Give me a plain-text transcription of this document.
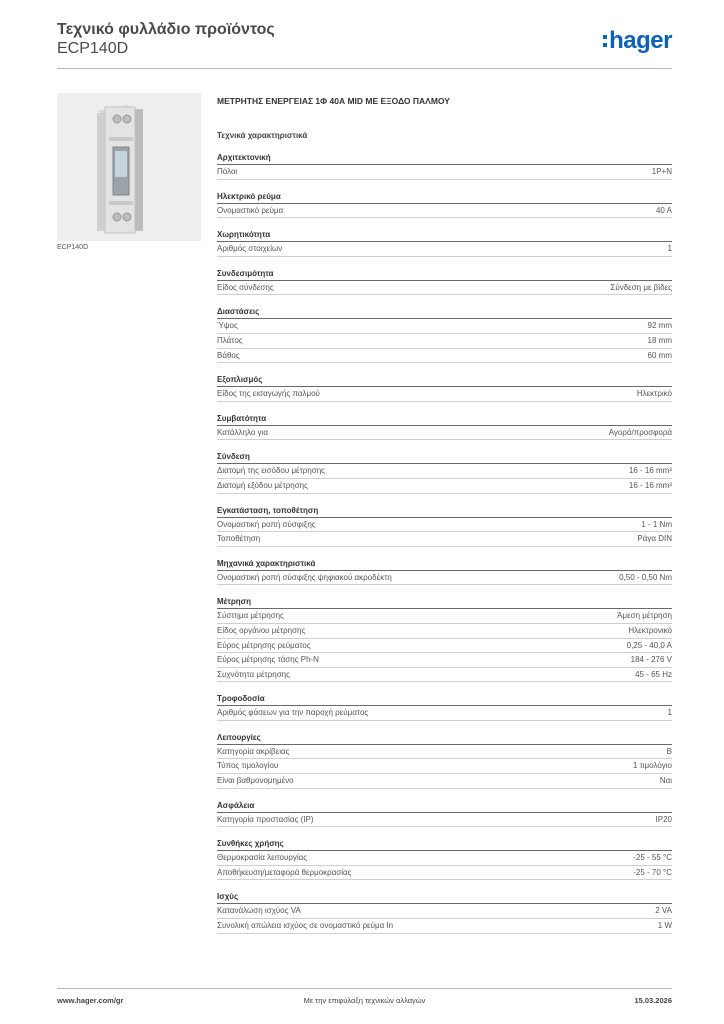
Τεχνικό φυλλάδιο προϊόντος
ECP140D	hager
ECP140D
ΜΕΤΡΗΤΗΣ ΕΝΕΡΓΕΙΑΣ 1Φ 40Α MID ΜΕ ΕΞΟΔΟ ΠΑΛΜΟΥ
Τεχνικά χαρακτηριστικά
Αρχιτεκτονική
Πόλοι	1P+N
Ηλεκτρικό ρεύμα
Ονομαστικό ρεύμα	40 A
Χωρητικότητα
Αριθμός στοιχείων	1
Συνδεσιμότητα
Είδος σύνδεσης	Σύνδεση με βίδες
Διαστάσεις
Ύψος	92 mm
Πλάτος	18 mm
Βάθος	60 mm
Εξοπλισμός
Είδος της εισαγωγής παλμού	Ηλεκτρικό
Συμβατότητα
Κατάλληλο για	Αγορά/προσφορά
Σύνδεση
Διατομή της εισόδου μέτρησης	16 - 16 mm²
Διατομή εξόδου μέτρησης	16 - 16 mm²
Εγκατάσταση, τοποθέτηση
Ονομαστική ροπή σύσφιξης	1 - 1 Nm
Τοποθέτηση	Ράγα DIN
Μηχανικά χαρακτηριστικά
Ονομαστική ροπή σύσφιξης ψηφιακού ακροδέκτη	0,50 - 0,50 Nm
Μέτρηση
Σύστημα μέτρησης	Άμεση μέτρηση
Είδος οργάνου μέτρησης	Ηλεκτρονικό
Εύρος μέτρησης ρεύματος	0,25 - 40,0 A
Εύρος μέτρησης τάσης Ph-N	184 - 276 V
Συχνότητα μέτρησης	45 - 65 Hz
Τροφοδοσία
Αριθμός φάσεων για την παροχή ρεύματος	1
Λειτουργίες
Κατηγορία ακρίβειας	B
Τύπος τιμολογίου	1 τιμολόγιο
Είναι βαθμονομημένο	Ναι
Ασφάλεια
Κατηγορία προστασίας (IP)	IP20
Συνθήκες χρήσης
Θερμοκρασία λειτουργίας	-25 - 55 °C
Αποθήκευση/μεταφορά θερμοκρασίας	-25 - 70 °C
Ισχύς
Κατανάλωση ισχύος VA	2 VA
Συνολική απώλεια ισχύος σε ονομαστικό ρεύμα In	1 W
www.hager.com/gr	Με την επιφύλαξη τεχνικών αλλαγών	15.03.2026
